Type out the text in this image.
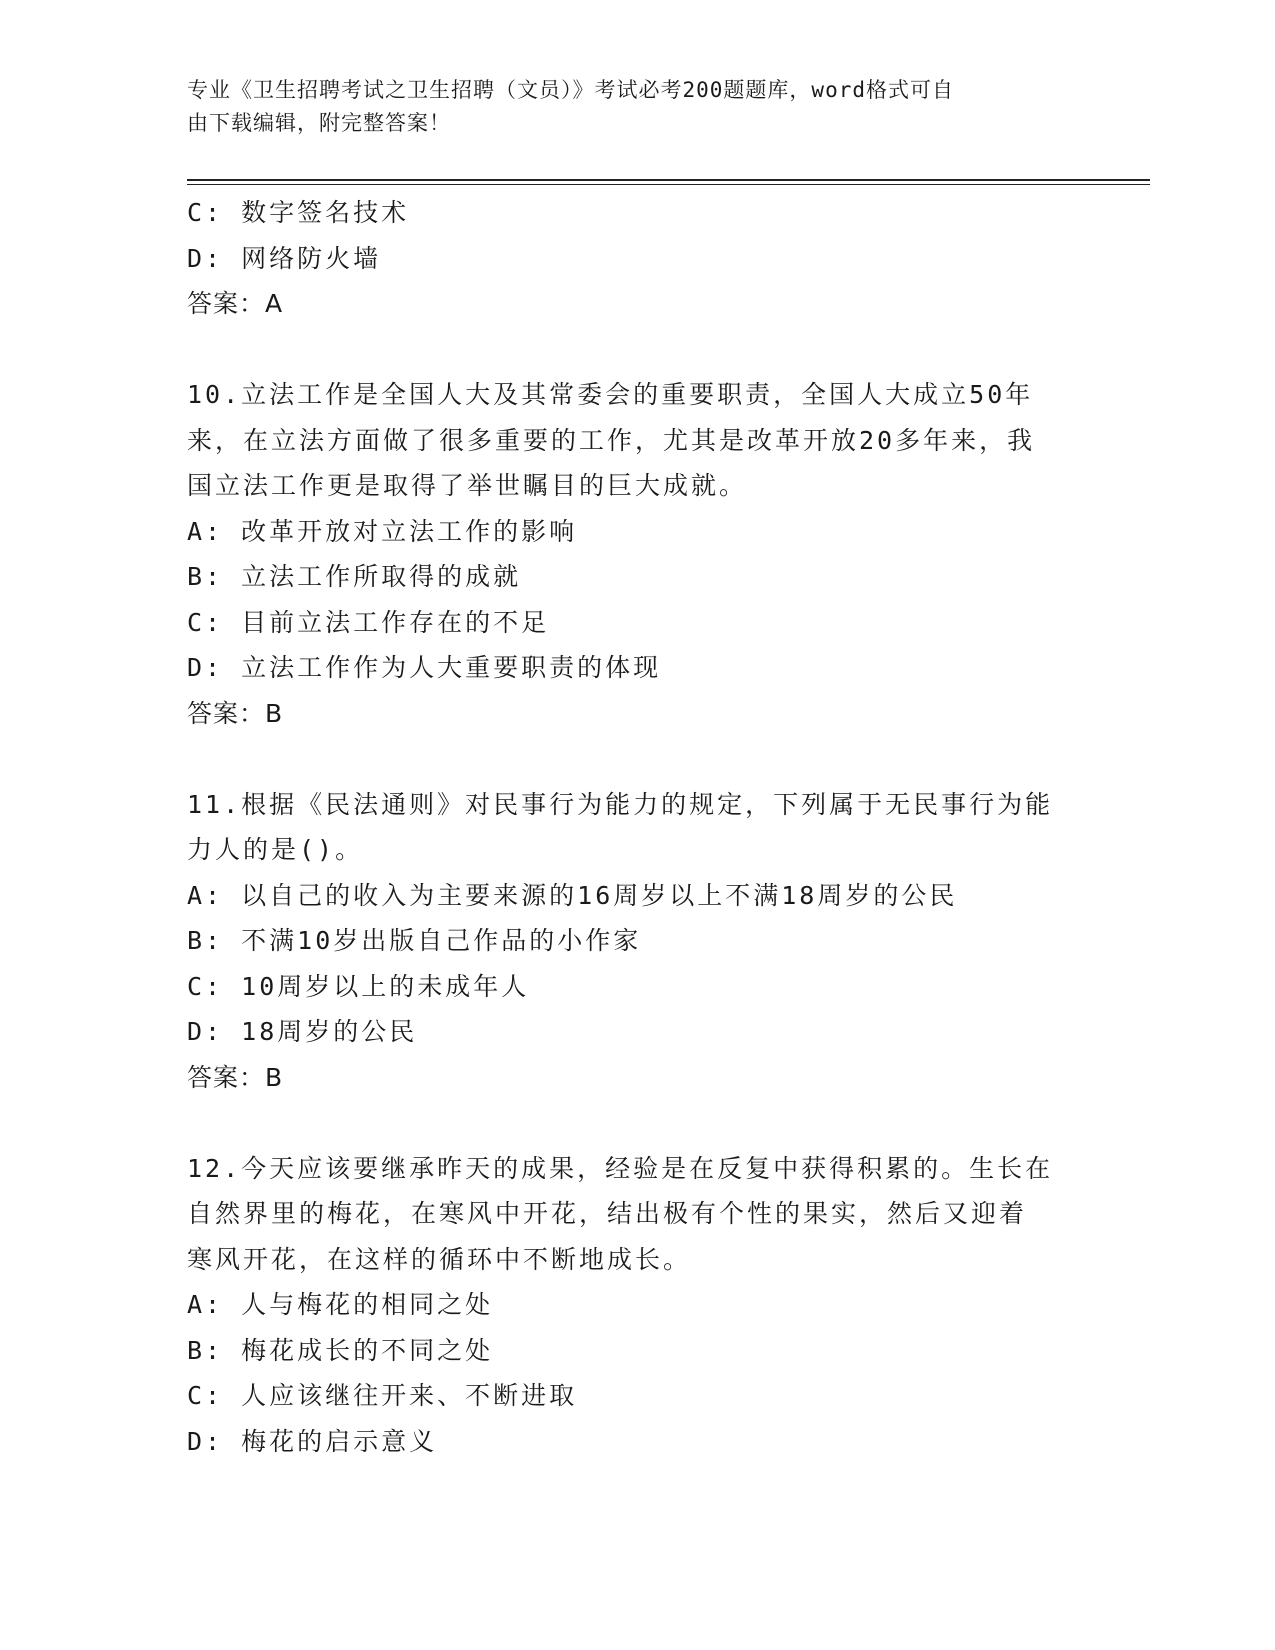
专业《卫生招聘考试之卫生招聘（文员）》考试必考200题题库，word格式可自
由下载编辑，附完整答案！
C: 数字签名技术
D: 网络防火墙
答案：A
10.立法工作是全国人大及其常委会的重要职责，全国人大成立50年
来，在立法方面做了很多重要的工作，尤其是改革开放20多年来，我
国立法工作更是取得了举世瞩目的巨大成就。
A: 改革开放对立法工作的影响
B: 立法工作所取得的成就
C: 目前立法工作存在的不足
D: 立法工作作为人大重要职责的体现
答案：B
11.根据《民法通则》对民事行为能力的规定，下列属于无民事行为能
力人的是()。
A: 以自己的收入为主要来源的16周岁以上不满18周岁的公民
B: 不满10岁出版自己作品的小作家
C: 10周岁以上的未成年人
D: 18周岁的公民
答案：B
12.今天应该要继承昨天的成果，经验是在反复中获得积累的。生长在
自然界里的梅花，在寒风中开花，结出极有个性的果实，然后又迎着
寒风开花，在这样的循环中不断地成长。
A: 人与梅花的相同之处
B: 梅花成长的不同之处
C: 人应该继往开来、不断进取
D: 梅花的启示意义
